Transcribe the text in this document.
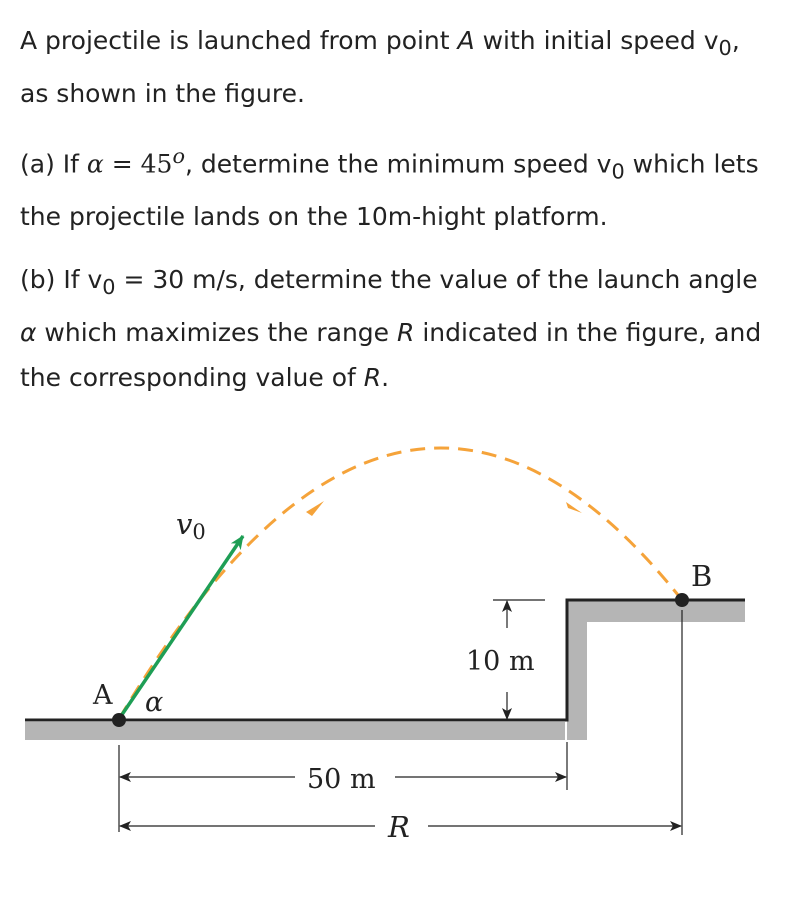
A projectile is launched from point A with initial speed $v_0$,
as shown in the figure.

(a) If $\alpha = 45^o$, determine the minimum speed $v_0$ which lets
the projectile lands on the 10m-hight platform.

(b) If $v_0 = 30$ m/s, determine the value of the launch angle
α which maximizes the range R indicated in the figure, and
the corresponding value of R.

A
B
α
v0
10 m
50 m
R
